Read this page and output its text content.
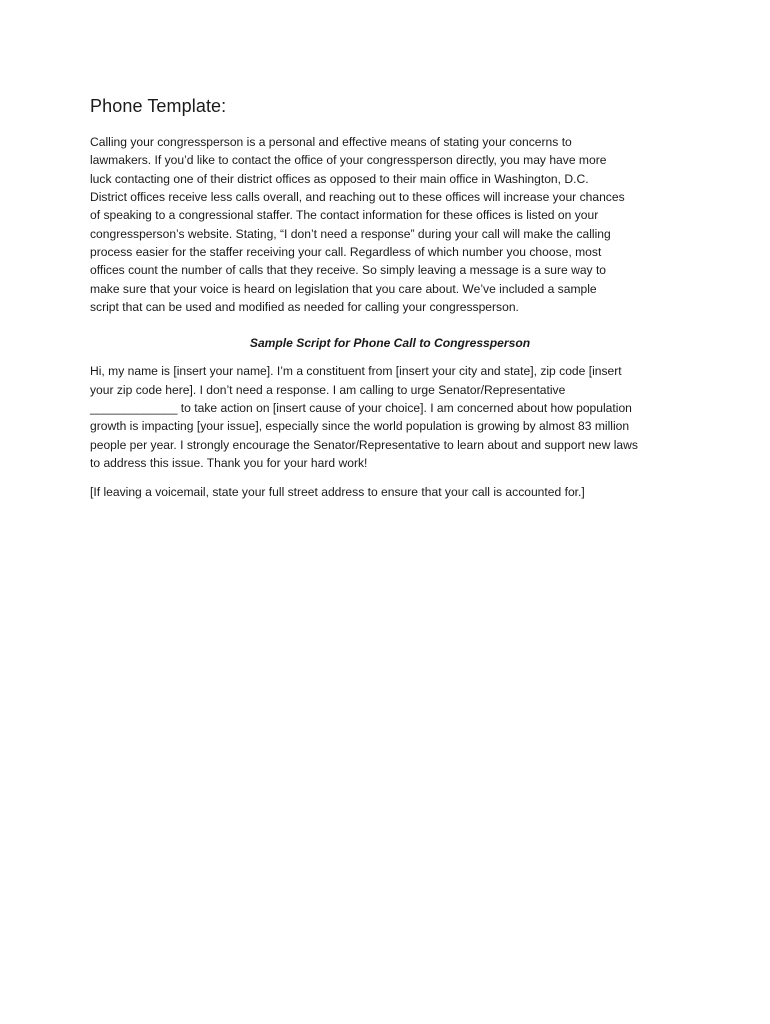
Phone Template:

Calling your congressperson is a personal and effective means of stating your concerns to
lawmakers. If you’d like to contact the office of your congressperson directly, you may have more
luck contacting one of their district offices as opposed to their main office in Washington, D.C.
District offices receive less calls overall, and reaching out to these offices will increase your chances
of speaking to a congressional staffer. The contact information for these offices is listed on your
congressperson’s website. Stating, “I don’t need a response” during your call will make the calling
process easier for the staffer receiving your call. Regardless of which number you choose, most
offices count the number of calls that they receive. So simply leaving a message is a sure way to
make sure that your voice is heard on legislation that you care about. We’ve included a sample
script that can be used and modified as needed for calling your congressperson.

Sample Script for Phone Call to Congressperson

Hi, my name is [insert your name]. I’m a constituent from [insert your city and state], zip code [insert
your zip code here]. I don’t need a response. I am calling to urge Senator/Representative
_____________ to take action on [insert cause of your choice]. I am concerned about how population
growth is impacting [your issue], especially since the world population is growing by almost 83 million
people per year. I strongly encourage the Senator/Representative to learn about and support new laws
to address this issue. Thank you for your hard work!

[If leaving a voicemail, state your full street address to ensure that your call is accounted for.]
